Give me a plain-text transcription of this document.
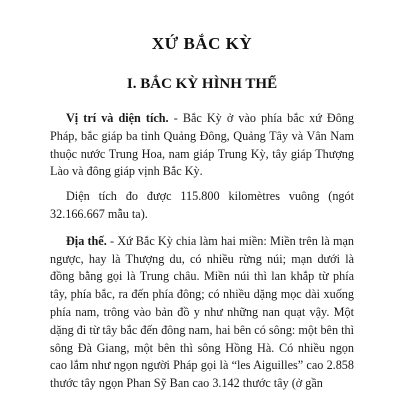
XỨ BẮC KỲ
I. BẮC KỲ HÌNH THỂ

Vị trí và diện tích. - Bắc Kỳ ở vào phía bắc xứ Đông Pháp, bắc giáp ba tỉnh Quảng Đông, Quảng Tây và Vân Nam thuộc nước Trung Hoa, nam giáp Trung Kỳ, tây giáp Thượng Lào và đông giáp vịnh Bắc Kỳ.

Diện tích đo được 115.800 kilomètres vuông (ngót 32.166.667 mẫu ta).

Địa thế. - Xứ Bắc Kỳ chia làm hai miền: Miền trên là mạn ngược, hay là Thượng du, có nhiều rừng núi; mạn dưới là đồng bằng gọi là Trung châu. Miền núi thì lan khắp từ phía tây, phía bắc, ra đến phía đông; có nhiều dặng mọc dài xuống phía nam, trông vào bản đồ y như những nan quạt vậy. Một dặng đi từ tây bắc đến đông nam, hai bên có sông: một bên thì sông Đà Giang, một bên thì sông Hồng Hà. Có nhiều ngọn cao lắm như ngọn người Pháp gọi là “les Aiguilles” cao 2.858 thước tây ngọn Phan Sỹ Ban cao 3.142 thước tây (ở gần
